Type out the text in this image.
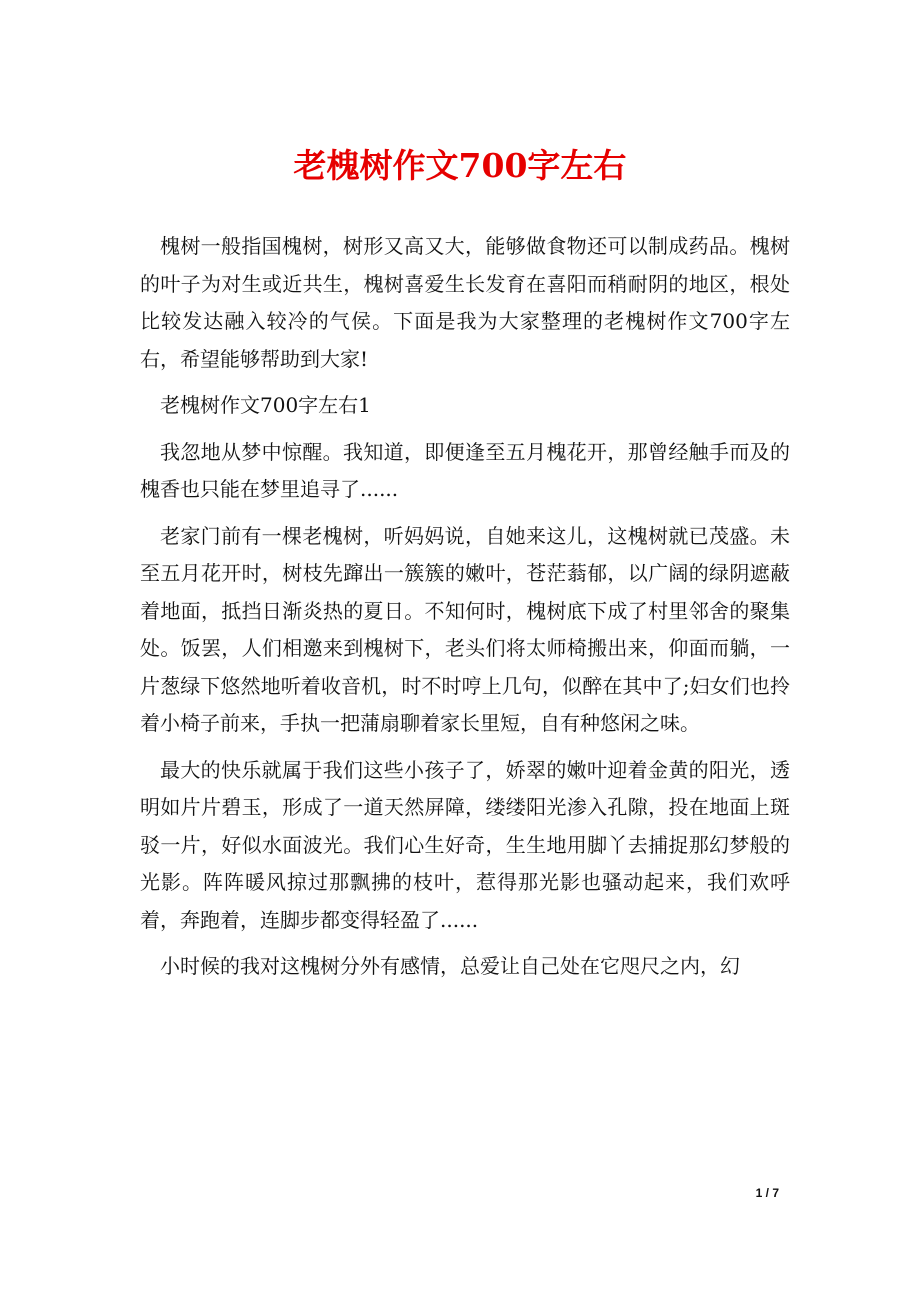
老槐树作文700字左右

槐树一般指国槐树，树形又高又大，能够做食物还可以制成药品。槐树的叶子为对生或近共生，槐树喜爱生长发育在喜阳而稍耐阴的地区，根处比较发达融入较冷的气侯。下面是我为大家整理的老槐树作文700字左右，希望能够帮助到大家!

老槐树作文700字左右1

我忽地从梦中惊醒。我知道，即便逢至五月槐花开，那曾经触手而及的槐香也只能在梦里追寻了......

老家门前有一棵老槐树，听妈妈说，自她来这儿，这槐树就已茂盛。未至五月花开时，树枝先蹿出一簇簇的嫩叶，苍茫蓊郁，以广阔的绿阴遮蔽着地面，抵挡日渐炎热的夏日。不知何时，槐树底下成了村里邻舍的聚集处。饭罢，人们相邀来到槐树下，老头们将太师椅搬出来，仰面而躺，一片葱绿下悠然地听着收音机，时不时哼上几句，似醉在其中了;妇女们也拎着小椅子前来，手执一把蒲扇聊着家长里短，自有种悠闲之味。

最大的快乐就属于我们这些小孩子了，娇翠的嫩叶迎着金黄的阳光，透明如片片碧玉，形成了一道天然屏障，缕缕阳光渗入孔隙，投在地面上斑驳一片，好似水面波光。我们心生好奇，生生地用脚丫去捕捉那幻梦般的光影。阵阵暖风掠过那飘拂的枝叶，惹得那光影也骚动起来，我们欢呼着，奔跑着，连脚步都变得轻盈了......

小时候的我对这槐树分外有感情，总爱让自己处在它咫尺之内，幻

1 / 7
